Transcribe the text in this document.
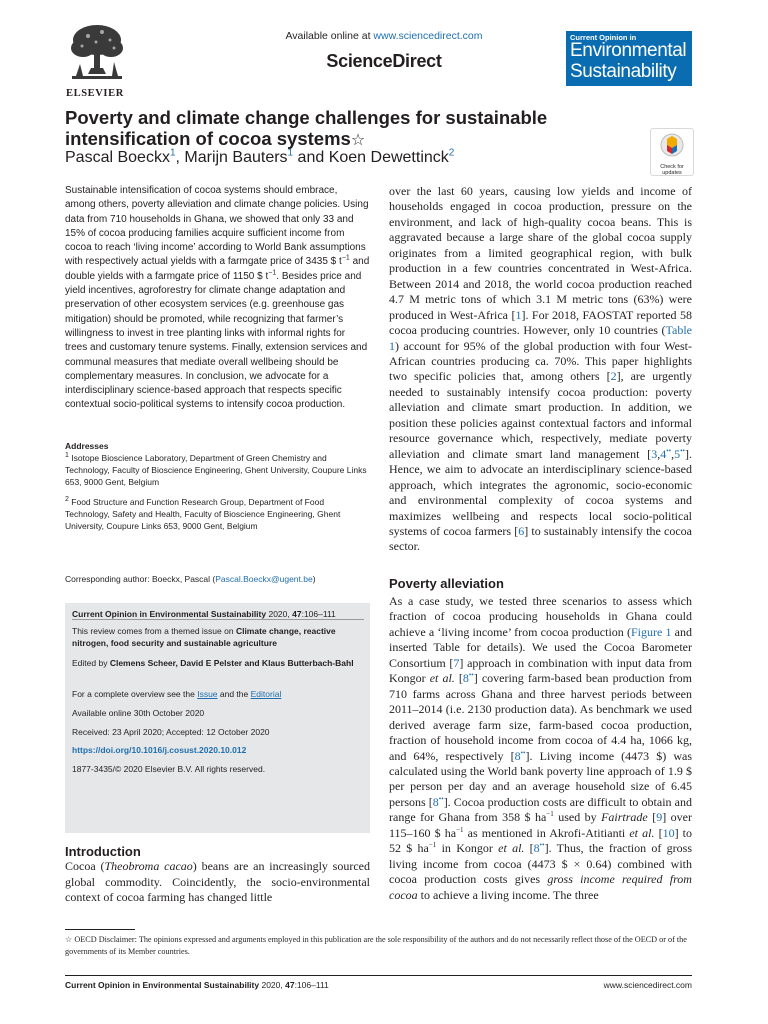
ELSEVIER
Available online at www.sciencedirect.com
ScienceDirect
Current Opinion in
Environmental
Sustainability
Poverty and climate change challenges for sustainable intensification of cocoa systems☆
Pascal Boeckx$^1$, Marijn Bauters$^1$ and Koen Dewettinck$^2$
Check for
updates
Sustainable intensification of cocoa systems should embrace, among others, poverty alleviation and climate change policies. Using data from 710 households in Ghana, we showed that only 33 and 15% of cocoa producing families acquire sufficient income from cocoa to reach ‘living income’ according to World Bank assumptions with respectively actual yields with a farmgate price of 3435 $ $t^{-1}$ and double yields with a farmgate price of 1150 $ $t^{-1}$. Besides price and yield incentives, agroforestry for climate change adaptation and preservation of other ecosystem services (e.g. greenhouse gas mitigation) should be promoted, while recognizing that farmer’s willingness to invest in tree planting links with informal rights for trees and customary tenure systems. Finally, extension services and communal measures that mediate overall wellbeing should be complementary measures. In conclusion, we advocate for a interdisciplinary science-based approach that respects specific contextual socio-political systems to intensify cocoa production.
Addresses

$^1$ Isotope Bioscience Laboratory, Department of Green Chemistry and Technology, Faculty of Bioscience Engineering, Ghent University, Coupure Links 653, 9000 Gent, Belgium

$^2$ Food Structure and Function Research Group, Department of Food Technology, Safety and Health, Faculty of Bioscience Engineering, Ghent University, Coupure Links 653, 9000 Gent, Belgium

Corresponding author: Boeckx, Pascal (Pascal.Boeckx@ugent.be)
Current Opinion in Environmental Sustainability 2020, 47:106–111
This review comes from a themed issue on Climate change, reactive nitrogen, food security and sustainable agriculture
Edited by Clemens Scheer, David E Pelster and Klaus Butterbach-Bahl
For a complete overview see the Issue and the Editorial
Available online 30th October 2020
Received: 23 April 2020; Accepted: 12 October 2020
https://doi.org/10.1016/j.cosust.2020.10.012
1877-3435/© 2020 Elsevier B.V. All rights reserved.
Introduction
Cocoa (Theobroma cacao) beans are an increasingly sourced global commodity. Coincidently, the socio-environmental context of cocoa farming has changed little
over the last 60 years, causing low yields and income of households engaged in cocoa production, pressure on the environment, and lack of high-quality cocoa beans. This is aggravated because a large share of the global cocoa supply originates from a limited geographical region, with bulk production in a few countries concentrated in West-Africa. Between 2014 and 2018, the world cocoa production reached 4.7 M metric tons of which 3.1 M metric tons (63%) were produced in West-Africa [1]. For 2018, FAOSTAT reported 58 cocoa producing countries. However, only 10 countries (Table 1) account for 95% of the global production with four West-African countries producing ca. 70%. This paper highlights two specific policies that, among others [2], are urgently needed to sustainably intensify cocoa production: poverty alleviation and climate smart production. In addition, we position these policies against contextual factors and informal resource governance which, respectively, mediate poverty alleviation and climate smart land management [3,4••,5••]. Hence, we aim to advocate an interdisciplinary science-based approach, which integrates the agronomic, socio-economic and environmental complexity of cocoa systems and maximizes wellbeing and respects local socio-political systems of cocoa farmers [6] to sustainably intensify the cocoa sector.
Poverty alleviation
As a case study, we tested three scenarios to assess which fraction of cocoa producing households in Ghana could achieve a ‘living income’ from cocoa production (Figure 1 and inserted Table for details). We used the Cocoa Barometer Consortium [7] approach in combination with input data from Kongor et al. [8••] covering farm-based bean production from 710 farms across Ghana and three harvest periods between 2011–2014 (i.e. 2130 production data). As benchmark we used derived average farm size, farm-based cocoa production, fraction of household income from cocoa of 4.4 ha, 1066 kg, and 64%, respectively [8••]. Living income (4473 $) was calculated using the World bank poverty line approach of 1.9 $ per person per day and an average household size of 6.45 persons [8••]. Cocoa production costs are difficult to obtain and range for Ghana from 358 $ $ha^{-1}$ used by Fairtrade [9] over 115–160 $ $ha^{-1}$ as mentioned in Akrofi-Atitianti et al. [10] to 52 $ $ha^{-1}$ in Kongor et al. [8••]. Thus, the fraction of gross living income from cocoa (4473 $ × 0.64) combined with cocoa production costs gives gross income required from cocoa to achieve a living income. The three
☆ OECD Disclaimer: The opinions expressed and arguments employed in this publication are the sole responsibility of the authors and do not necessarily reflect those of the OECD or of the governments of its Member countries.
Current Opinion in Environmental Sustainability 2020, 47:106–111	www.sciencedirect.com
